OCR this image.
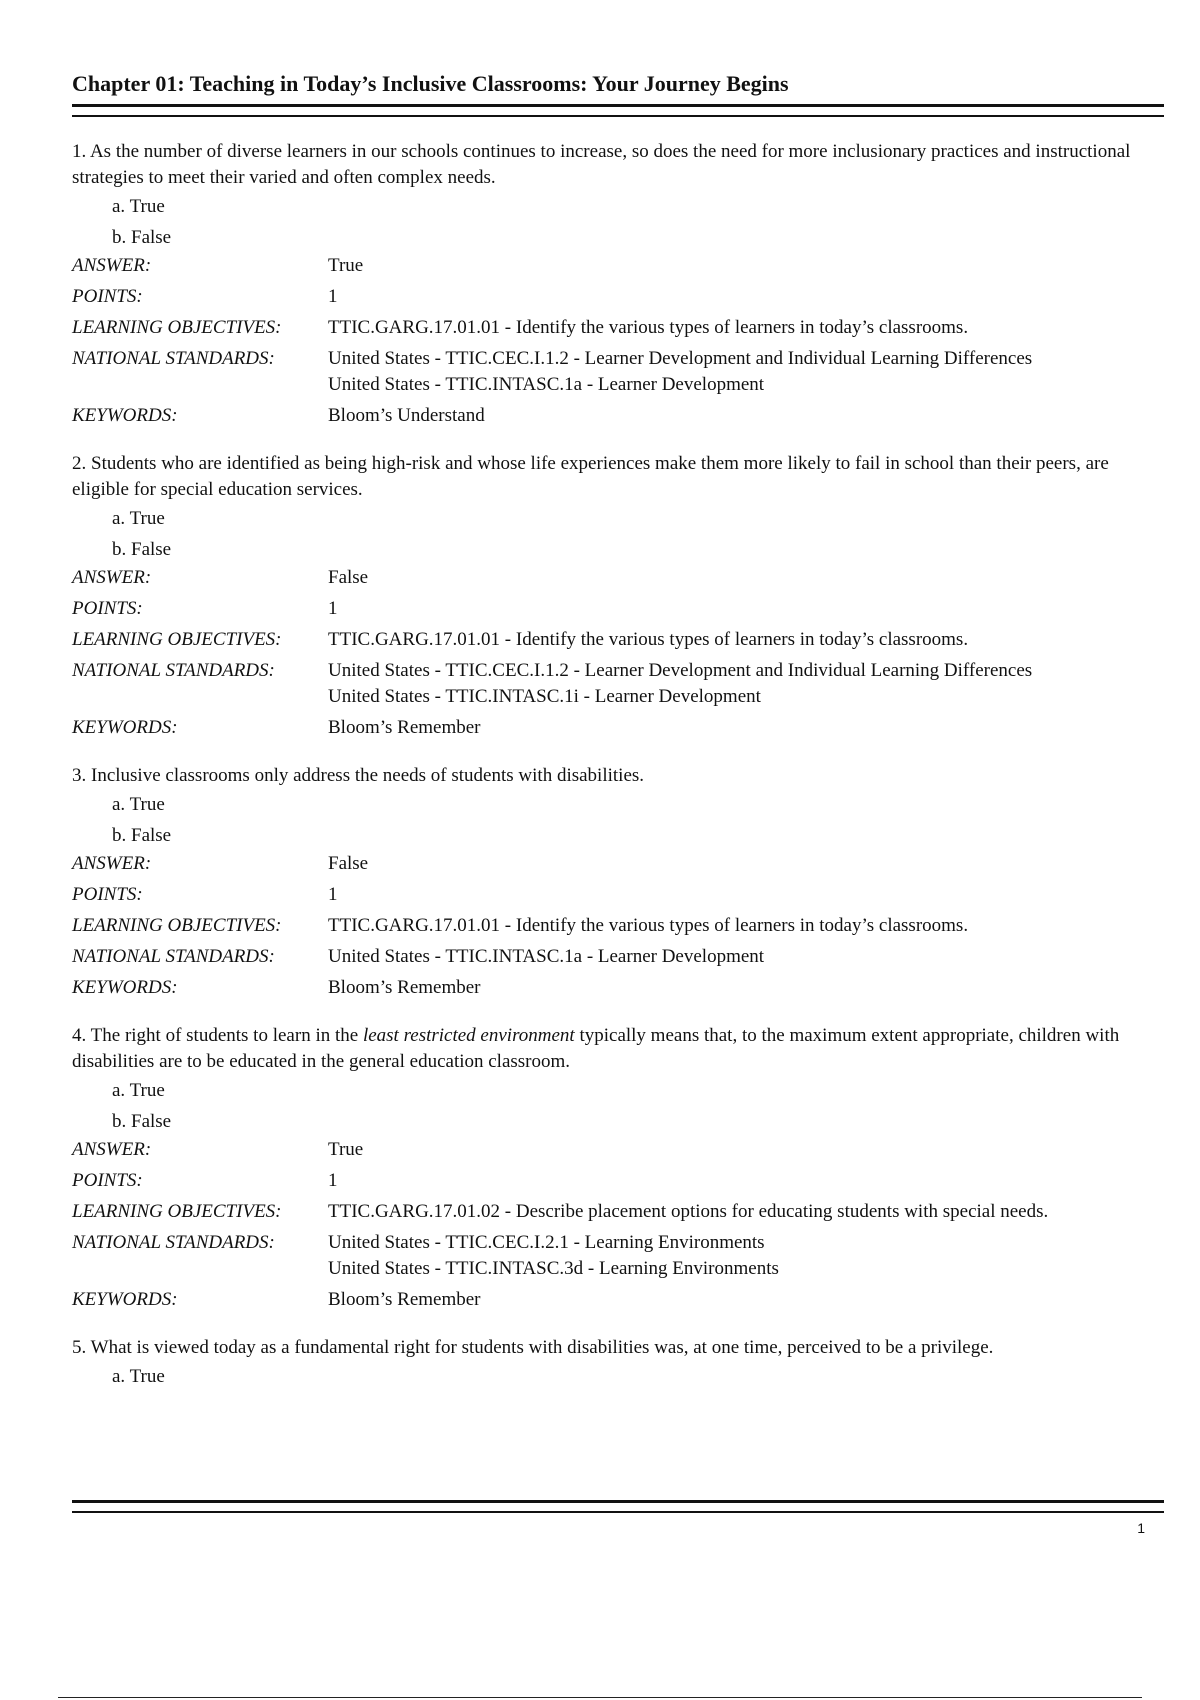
Chapter 01: Teaching in Today’s Inclusive Classrooms: Your Journey Begins
1. As the number of diverse learners in our schools continues to increase, so does the need for more inclusionary practices and instructional strategies to meet their varied and often complex needs.
a. True
b. False
ANSWER:	True
POINTS:	1
LEARNING OBJECTIVES:	TTIC.GARG.17.01.01 - Identify the various types of learners in today’s classrooms.
NATIONAL STANDARDS:	United States - TTIC.CEC.I.1.2 - Learner Development and Individual Learning Differences
United States - TTIC.INTASC.1a - Learner Development
KEYWORDS:	Bloom’s Understand
2. Students who are identified as being high-risk and whose life experiences make them more likely to fail in school than their peers, are eligible for special education services.
a. True
b. False
ANSWER:	False
POINTS:	1
LEARNING OBJECTIVES:	TTIC.GARG.17.01.01 - Identify the various types of learners in today’s classrooms.
NATIONAL STANDARDS:	United States - TTIC.CEC.I.1.2 - Learner Development and Individual Learning Differences
United States - TTIC.INTASC.1i - Learner Development
KEYWORDS:	Bloom’s Remember
3. Inclusive classrooms only address the needs of students with disabilities.
a. True
b. False
ANSWER:	False
POINTS:	1
LEARNING OBJECTIVES:	TTIC.GARG.17.01.01 - Identify the various types of learners in today’s classrooms.
NATIONAL STANDARDS:	United States - TTIC.INTASC.1a - Learner Development
KEYWORDS:	Bloom’s Remember
4. The right of students to learn in the least restricted environment typically means that, to the maximum extent appropriate, children with disabilities are to be educated in the general education classroom.
a. True
b. False
ANSWER:	True
POINTS:	1
LEARNING OBJECTIVES:	TTIC.GARG.17.01.02 - Describe placement options for educating students with special needs.
NATIONAL STANDARDS:	United States - TTIC.CEC.I.2.1 - Learning Environments
United States - TTIC.INTASC.3d - Learning Environments
KEYWORDS:	Bloom’s Remember
5. What is viewed today as a fundamental right for students with disabilities was, at one time, perceived to be a privilege.
a. True
1
